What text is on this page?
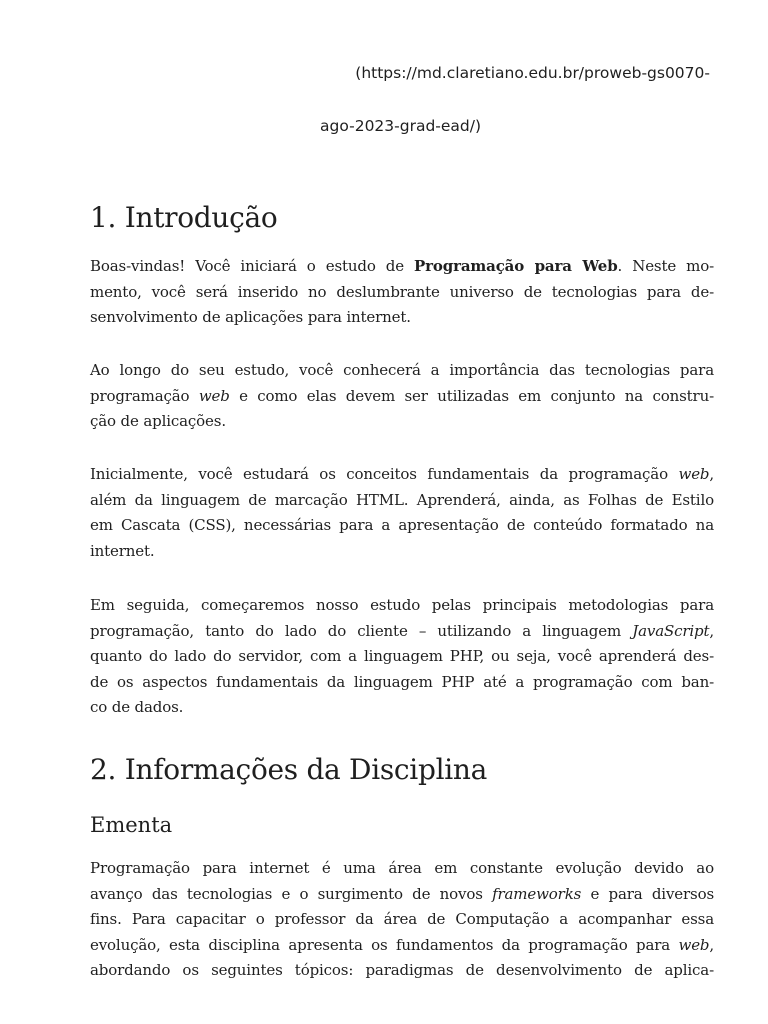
(https://md.claretiano.edu.br/proweb-gs0070-
ago-2023-grad-ead/)
1. Introdução

Boas-vindas! Você iniciará o estudo de Programação para Web. Neste mo-
mento, você será inserido no deslumbrante universo de tecnologias para de-
senvolvimento de aplicações para internet.

Ao longo do seu estudo, você conhecerá a importância das tecnologias para
programação web e como elas devem ser utilizadas em conjunto na constru-
ção de aplicações.

Inicialmente, você estudará os conceitos fundamentais da programação web,
além da linguagem de marcação HTML. Aprenderá, ainda, as Folhas de Estilo
em Cascata (CSS), necessárias para a apresentação de conteúdo formatado na
internet.

Em seguida, começaremos nosso estudo pelas principais metodologias para
programação, tanto do lado do cliente – utilizando a linguagem JavaScript,
quanto do lado do servidor, com a linguagem PHP, ou seja, você aprenderá des-
de os aspectos fundamentais da linguagem PHP até a programação com ban-
co de dados.

2. Informações da Disciplina
Ementa

Programação para internet é uma área em constante evolução devido ao
avanço das tecnologias e o surgimento de novos frameworks e para diversos
fins. Para capacitar o professor da área de Computação a acompanhar essa
evolução, esta disciplina apresenta os fundamentos da programação para web,
abordando os seguintes tópicos: paradigmas de desenvolvimento de aplica-
